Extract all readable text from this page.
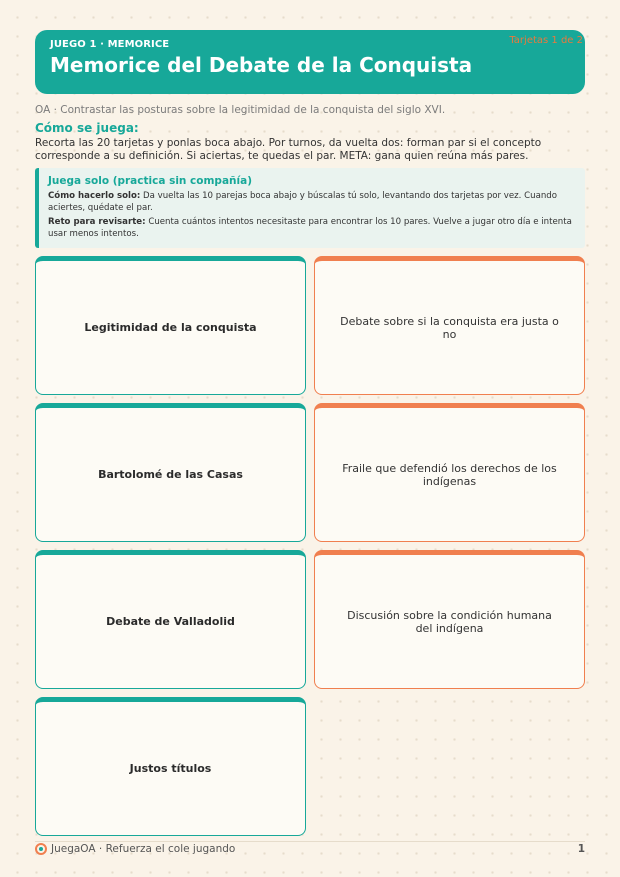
JUEGO 1 · MEMORICE
Memorice del Debate de la Conquista
Tarjetas 1 de 2
OA · Contrastar las posturas sobre la legitimidad de la conquista del siglo XVI.
Cómo se juega:
Recorta las 20 tarjetas y ponlas boca abajo. Por turnos, da vuelta dos: forman par si el concepto corresponde a su definición. Si aciertas, te quedas el par. META: gana quien reúna más pares.
Juega solo (practica sin compañía)
Cómo hacerlo solo: Da vuelta las 10 parejas boca abajo y búscalas tú solo, levantando dos tarjetas por vez. Cuando aciertes, quédate el par.
Reto para revisarte: Cuenta cuántos intentos necesitaste para encontrar los 10 pares. Vuelve a jugar otro día e intenta usar menos intentos.
Legitimidad de la conquista	Debate sobre si la conquista era justa o no
Bartolomé de las Casas	Fraile que defendió los derechos de los indígenas
Debate de Valladolid	Discusión sobre la condición humana del indígena
Justos títulos
JuegaOA · Refuerza el cole jugando	1
